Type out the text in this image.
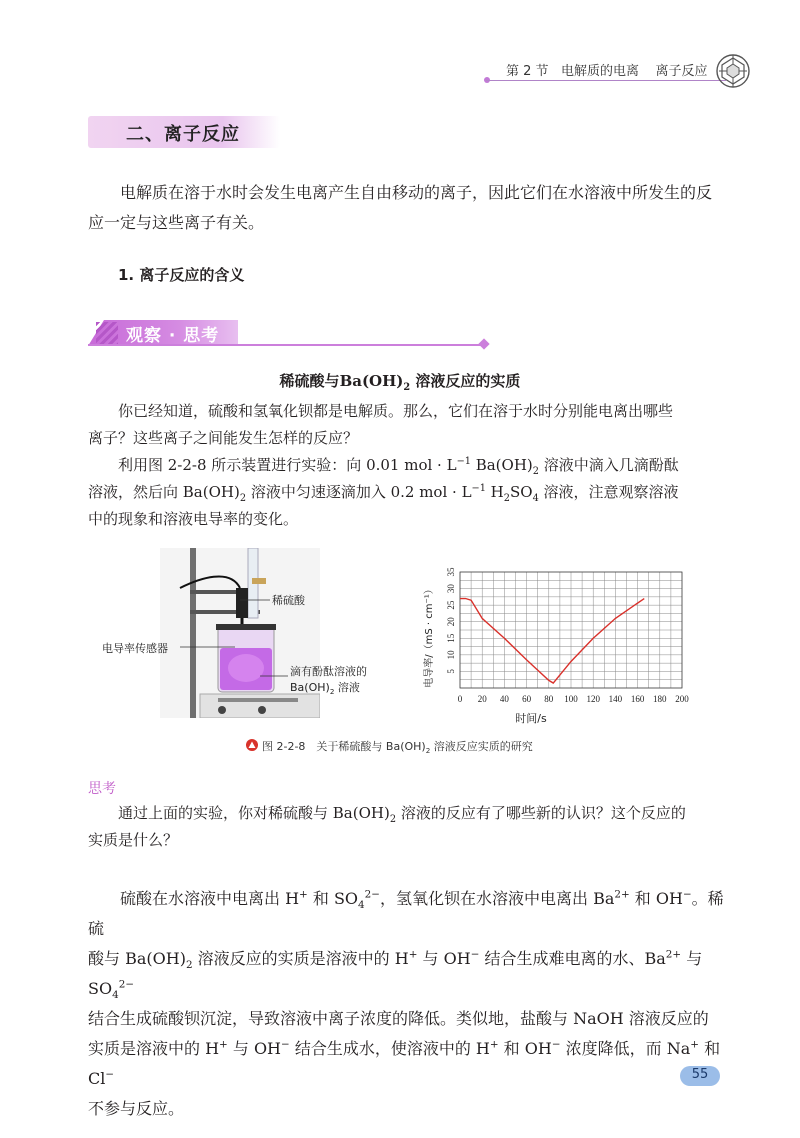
第 2 节 电解质的电离 离子反应
二、离子反应
电解质在溶于水时会发生电离产生自由移动的离子，因此它们在水溶液中所发生的反
应一定与这些离子有关。
1. 离子反应的含义
观察 · 思考
稀硫酸与$Ba(OH)_2$ 溶液反应的实质
你已经知道，硫酸和氢氧化钡都是电解质。那么，它们在溶于水时分别能电离出哪些
离子？这些离子之间能发生怎样的反应？
利用图 2-2-8 所示装置进行实验：向 0.01 mol · $L^{-1}$ $Ba(OH)_2$ 溶液中滴入几滴酚酞
溶液，然后向 $Ba(OH)_2$ 溶液中匀速逐滴加入 0.2 mol · $L^{-1}$ $H_2SO_4$ 溶液，注意观察溶液
中的现象和溶液电导率的变化。
稀硫酸
电导率传感器
滴有酚酞溶液的
$Ba(OH)_2$ 溶液
0 20 40 60 80 100 120 140 160 180 200
5
10
15
20
25
30
35
时间/s
电导率/（mS · cm⁻¹）
图 2-2-8　关于稀硫酸与 $Ba(OH)_2$ 溶液反应实质的研究
思考
通过上面的实验，你对稀硫酸与 $Ba(OH)_2$ 溶液的反应有了哪些新的认识？这个反应的
实质是什么？
硫酸在水溶液中电离出 H+ 和 $SO_4^{2-}$，氢氧化钡在水溶液中电离出 $Ba^{2+}$ 和 OH−。稀硫
酸与 $Ba(OH)_2$ 溶液反应的实质是溶液中的 H+ 与 OH− 结合生成难电离的水、$Ba^{2+}$ 与 $SO_4^{2-}$
结合生成硫酸钡沉淀，导致溶液中离子浓度的降低。类似地，盐酸与 NaOH 溶液反应的
实质是溶液中的 H+ 与 OH− 结合生成水，使溶液中的 H+ 和 OH− 浓度降低，而 Na+ 和 Cl−
不参与反应。
55
